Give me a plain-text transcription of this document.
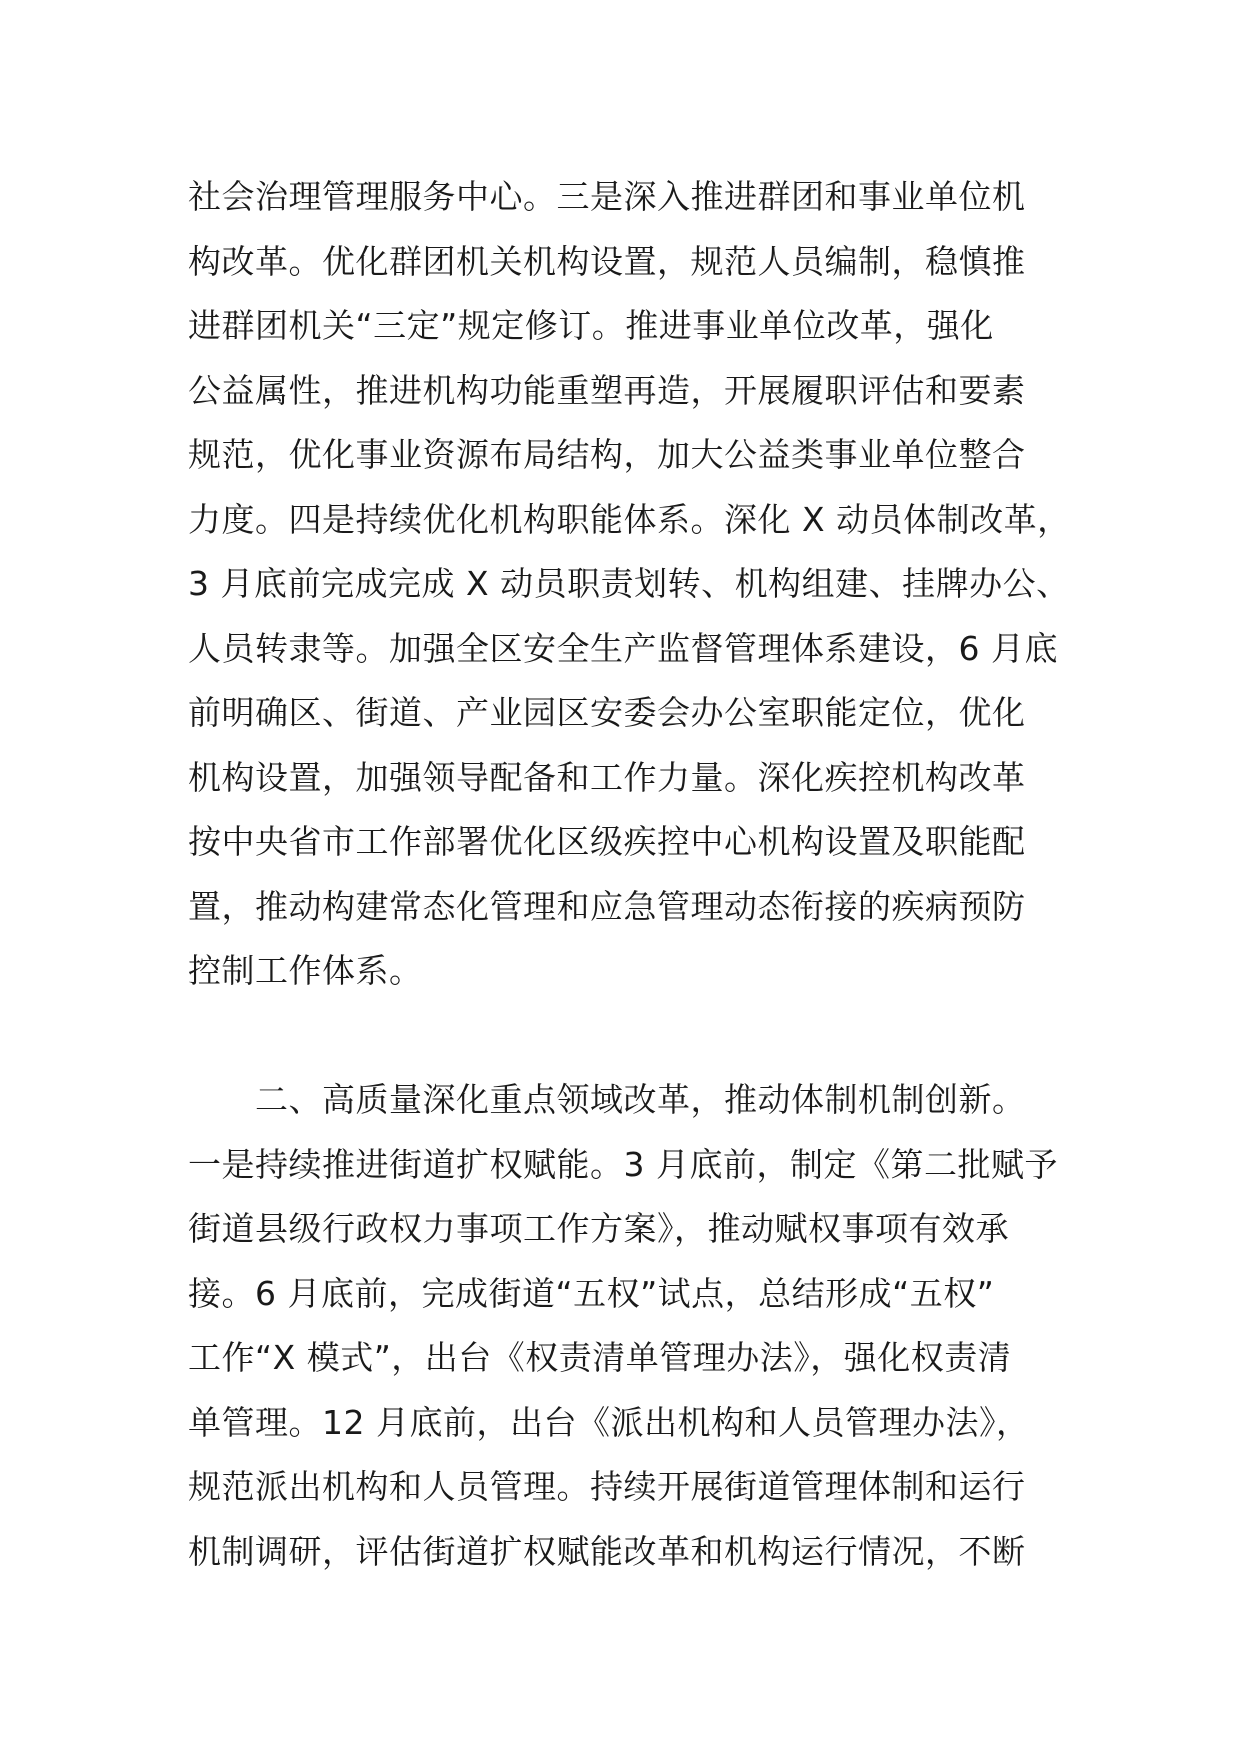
社会治理管理服务中心。三是深入推进群团和事业单位机
构改革。优化群团机关机构设置，规范人员编制，稳慎推
进群团机关“三定”规定修订。推进事业单位改革，强化
公益属性，推进机构功能重塑再造，开展履职评估和要素
规范，优化事业资源布局结构，加大公益类事业单位整合
力度。四是持续优化机构职能体系。深化 X 动员体制改革，
3 月底前完成完成 X 动员职责划转、机构组建、挂牌办公、
人员转隶等。加强全区安全生产监督管理体系建设，6 月底
前明确区、街道、产业园区安委会办公室职能定位，优化
机构设置，加强领导配备和工作力量。深化疾控机构改革
按中央省市工作部署优化区级疾控中心机构设置及职能配
置，推动构建常态化管理和应急管理动态衔接的疾病预防
控制工作体系。
　　二、高质量深化重点领域改革，推动体制机制创新。
一是持续推进街道扩权赋能。3 月底前，制定《第二批赋予
街道县级行政权力事项工作方案》，推动赋权事项有效承
接。6 月底前，完成街道“五权”试点，总结形成“五权”
工作“X 模式”，出台《权责清单管理办法》，强化权责清
单管理。12 月底前，出台《派出机构和人员管理办法》，
规范派出机构和人员管理。持续开展街道管理体制和运行
机制调研，评估街道扩权赋能改革和机构运行情况，不断
